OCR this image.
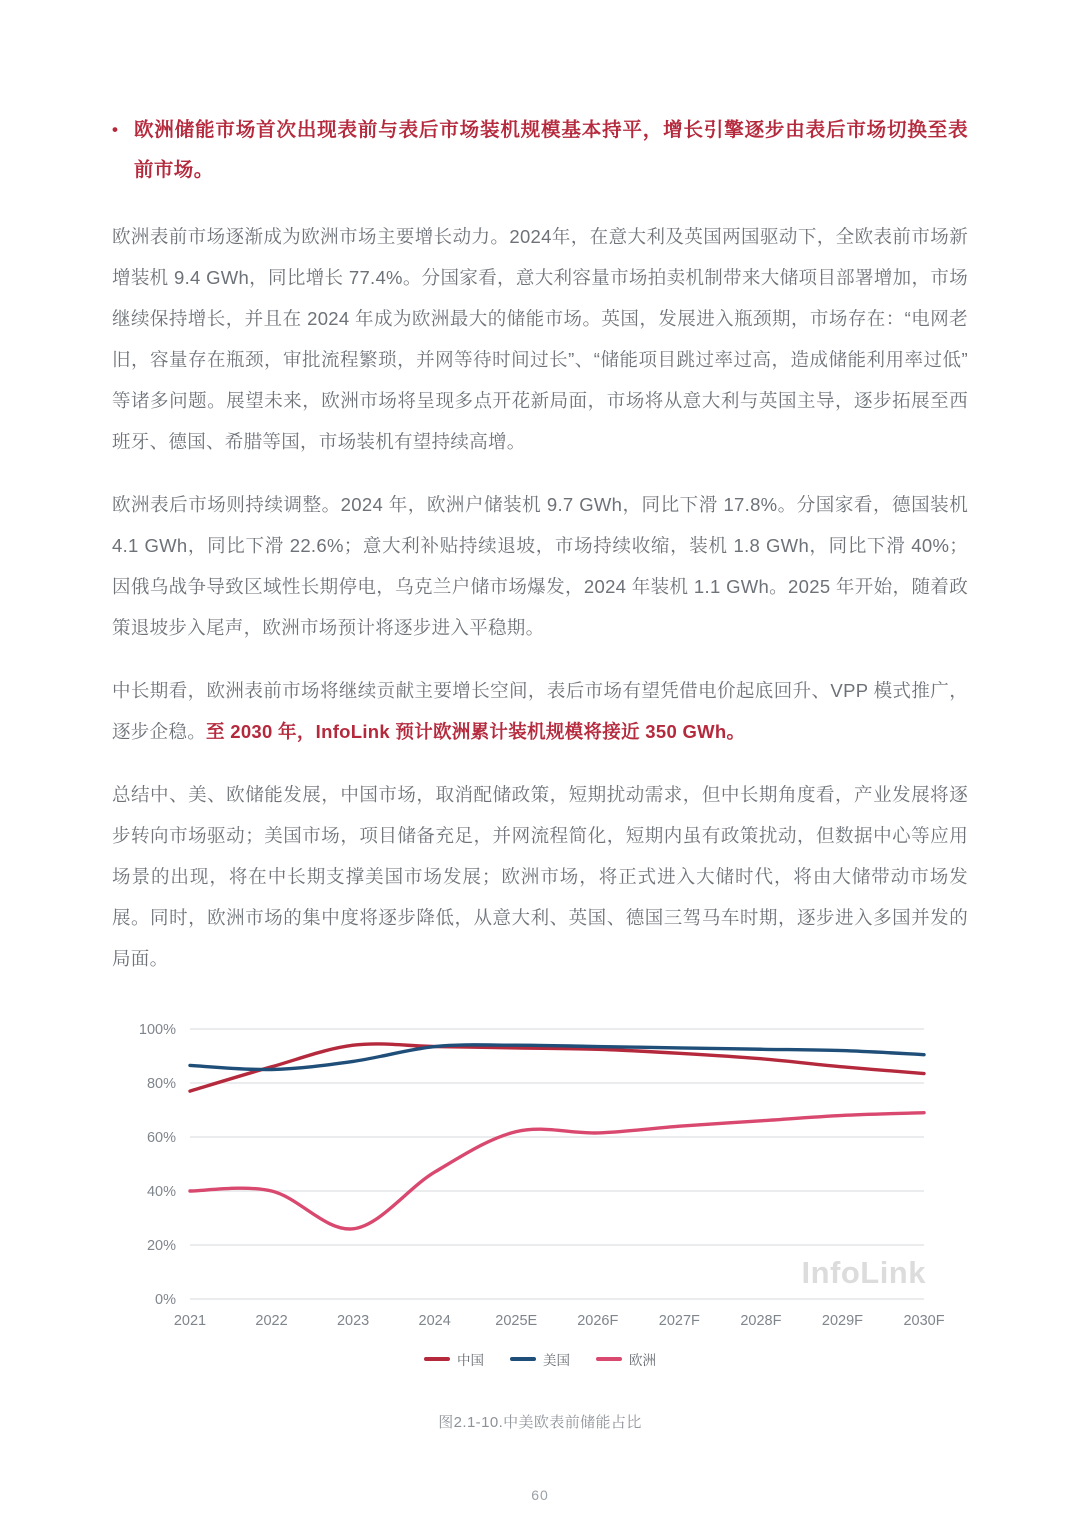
• 欧洲储能市场首次出现表前与表后市场装机规模基本持平，增长引擎逐步由表后市场切换至表前市场。

欧洲表前市场逐渐成为欧洲市场主要增长动力。2024年，在意大利及英国两国驱动下，全欧表前市场新增装机 9.4 GWh，同比增长 77.4%。分国家看，意大利容量市场拍卖机制带来大储项目部署增加，市场继续保持增长，并且在 2024 年成为欧洲最大的储能市场。英国，发展进入瓶颈期，市场存在：“电网老旧，容量存在瓶颈，审批流程繁琐，并网等待时间过长”、“储能项目跳过率过高，造成储能利用率过低”等诸多问题。展望未来，欧洲市场将呈现多点开花新局面，市场将从意大利与英国主导，逐步拓展至西班牙、德国、希腊等国，市场装机有望持续高增。

欧洲表后市场则持续调整。2024 年，欧洲户储装机 9.7 GWh，同比下滑 17.8%。分国家看，德国装机 4.1 GWh，同比下滑 22.6%；意大利补贴持续退坡，市场持续收缩，装机 1.8 GWh，同比下滑 40%；因俄乌战争导致区域性长期停电，乌克兰户储市场爆发，2024 年装机 1.1 GWh。2025 年开始，随着政策退坡步入尾声，欧洲市场预计将逐步进入平稳期。

中长期看，欧洲表前市场将继续贡献主要增长空间，表后市场有望凭借电价起底回升、VPP 模式推广，逐步企稳。至 2030 年，InfoLink 预计欧洲累计装机规模将接近 350 GWh。

总结中、美、欧储能发展，中国市场，取消配储政策，短期扰动需求，但中长期角度看，产业发展将逐步转向市场驱动；美国市场，项目储备充足，并网流程简化，短期内虽有政策扰动，但数据中心等应用场景的出现，将在中长期支撑美国市场发展；欧洲市场，将正式进入大储时代，将由大储带动市场发展。同时，欧洲市场的集中度将逐步降低，从意大利、英国、德国三驾马车时期，逐步进入多国并发的局面。

0%
20%
40%
60%
80%
100%
2021	2022	2023	2024	2025E	2026F	2027F	2028F	2029F	2030F
InfoLink
中国	美国	欧洲
图2.1-10.中美欧表前储能占比
60
